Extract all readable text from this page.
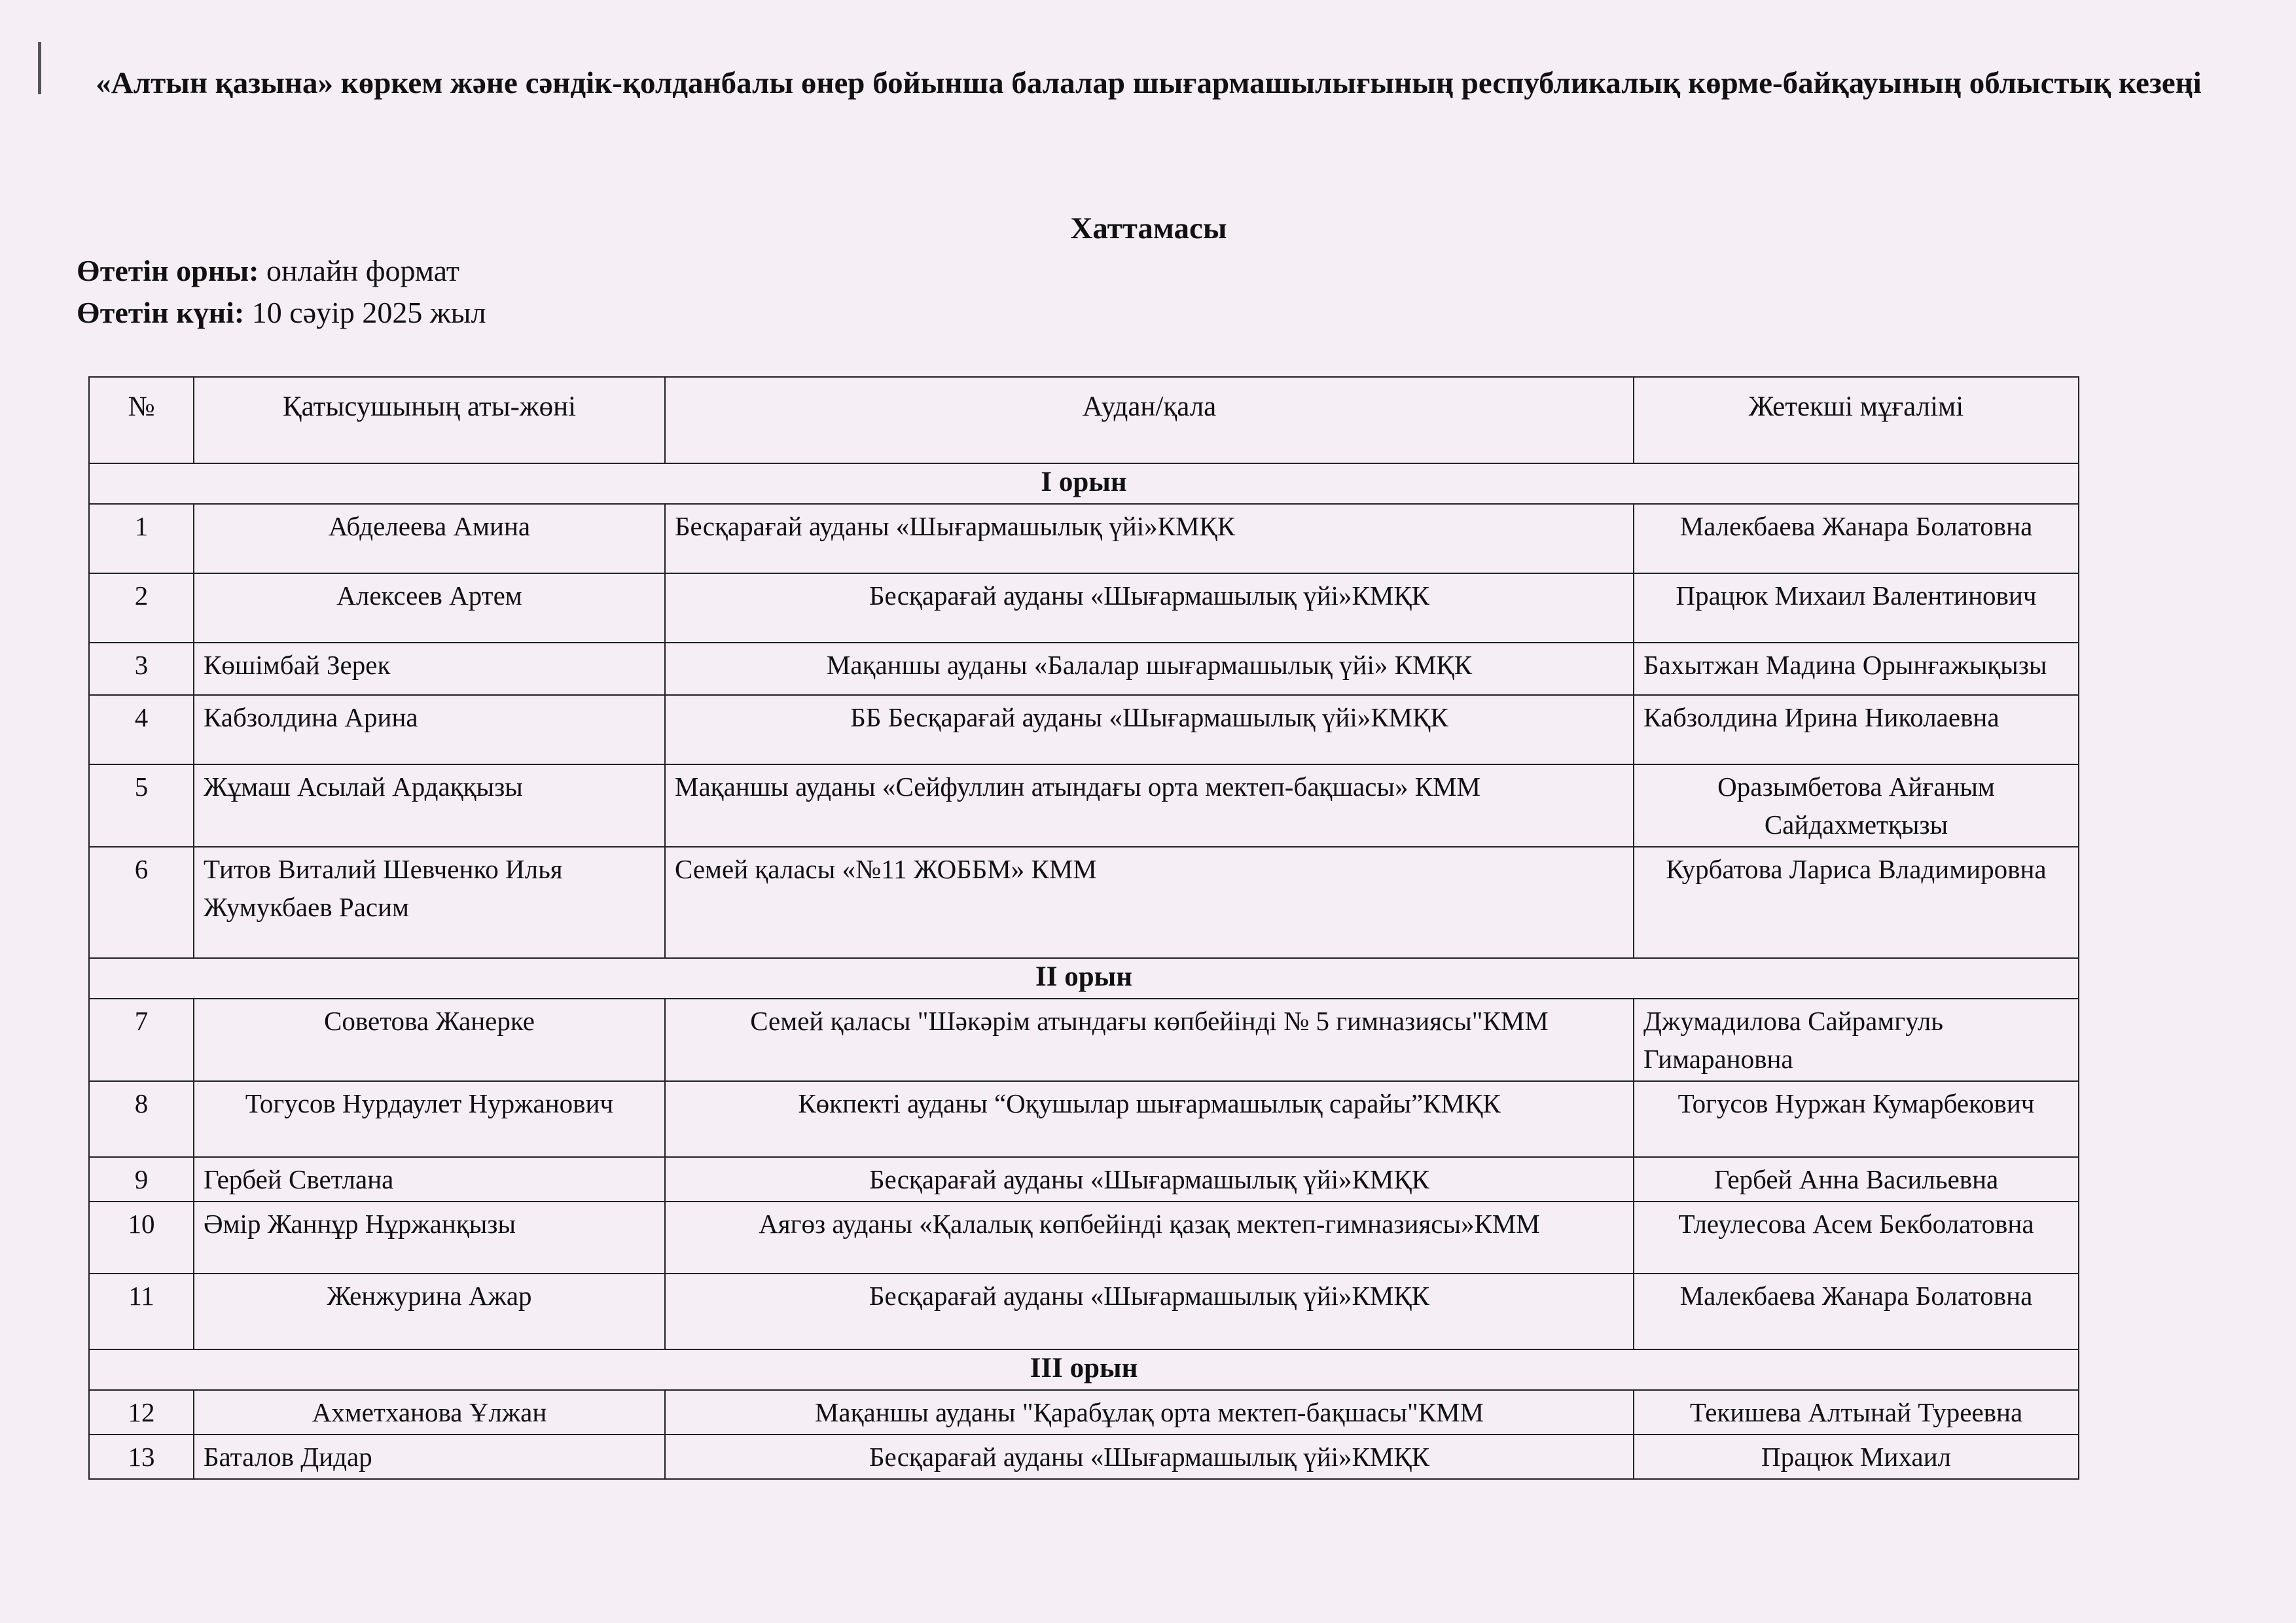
«Алтын қазына» көркем және сәндік-қолданбалы өнер бойынша балалар шығармашылығының республикалық көрме-байқауының облыстық кезеңі
Хаттамасы
Өтетін орны: онлайн формат
Өтетін күні: 10 сәуір 2025 жыл
№	Қатысушының аты-жөні	Аудан/қала	Жетекші мұғалімі
I орын			
1	Абделеева Амина	Бесқарағай ауданы «Шығармашылық үйі»КМҚК	Малекбаева Жанара Болатовна
2	Алексеев Артем	Бесқарағай ауданы «Шығармашылық үйі»КМҚК	Працюк Михаил Валентинович
3	Көшімбай Зерек	Мақаншы ауданы «Балалар шығармашылық үйі» КМҚК	Бахытжан Мадина Орынғажықызы
4	Кабзолдина Арина	ББ Бесқарағай ауданы «Шығармашылық үйі»КМҚК	Кабзолдина Ирина Николаевна
5	Жұмаш Асылай Ардаққызы	Мақаншы ауданы «Сейфуллин атындағы орта мектеп-бақшасы» КММ	Оразымбетова Айғаным Сайдахметқызы
6	Титов Виталий Шевченко Илья Жумукбаев Расим	Семей қаласы «№11 ЖОББМ» КММ	Курбатова Лариса Владимировна
II орын			
7	Советова Жанерке	Семей қаласы "Шәкәрім атындағы көпбейінді № 5 гимназиясы"КММ	Джумадилова Сайрамгуль Гимарановна
8	Тогусов Нурдаулет Нуржанович	Көкпекті ауданы “Оқушылар шығармашылық сарайы”КМҚК	Тогусов Нуржан Кумарбекович
9	Гербей Светлана	Бесқарағай ауданы «Шығармашылық үйі»КМҚК	Гербей Анна Васильевна
10	Әмір Жаннұр Нұржанқызы	Аягөз ауданы «Қалалық көпбейінді қазақ мектеп-гимназиясы»КММ	Тлеулесова Асем Бекболатовна
11	Женжурина Ажар	Бесқарағай ауданы «Шығармашылық үйі»КМҚК	Малекбаева Жанара Болатовна
III орын			
12	Ахметханова Ұлжан	Мақаншы ауданы "Қарабұлақ орта мектеп-бақшасы"КММ	Текишева Алтынай Туреевна
13	Баталов Дидар	Бесқарағай ауданы «Шығармашылық үйі»КМҚК	Працюк Михаил
